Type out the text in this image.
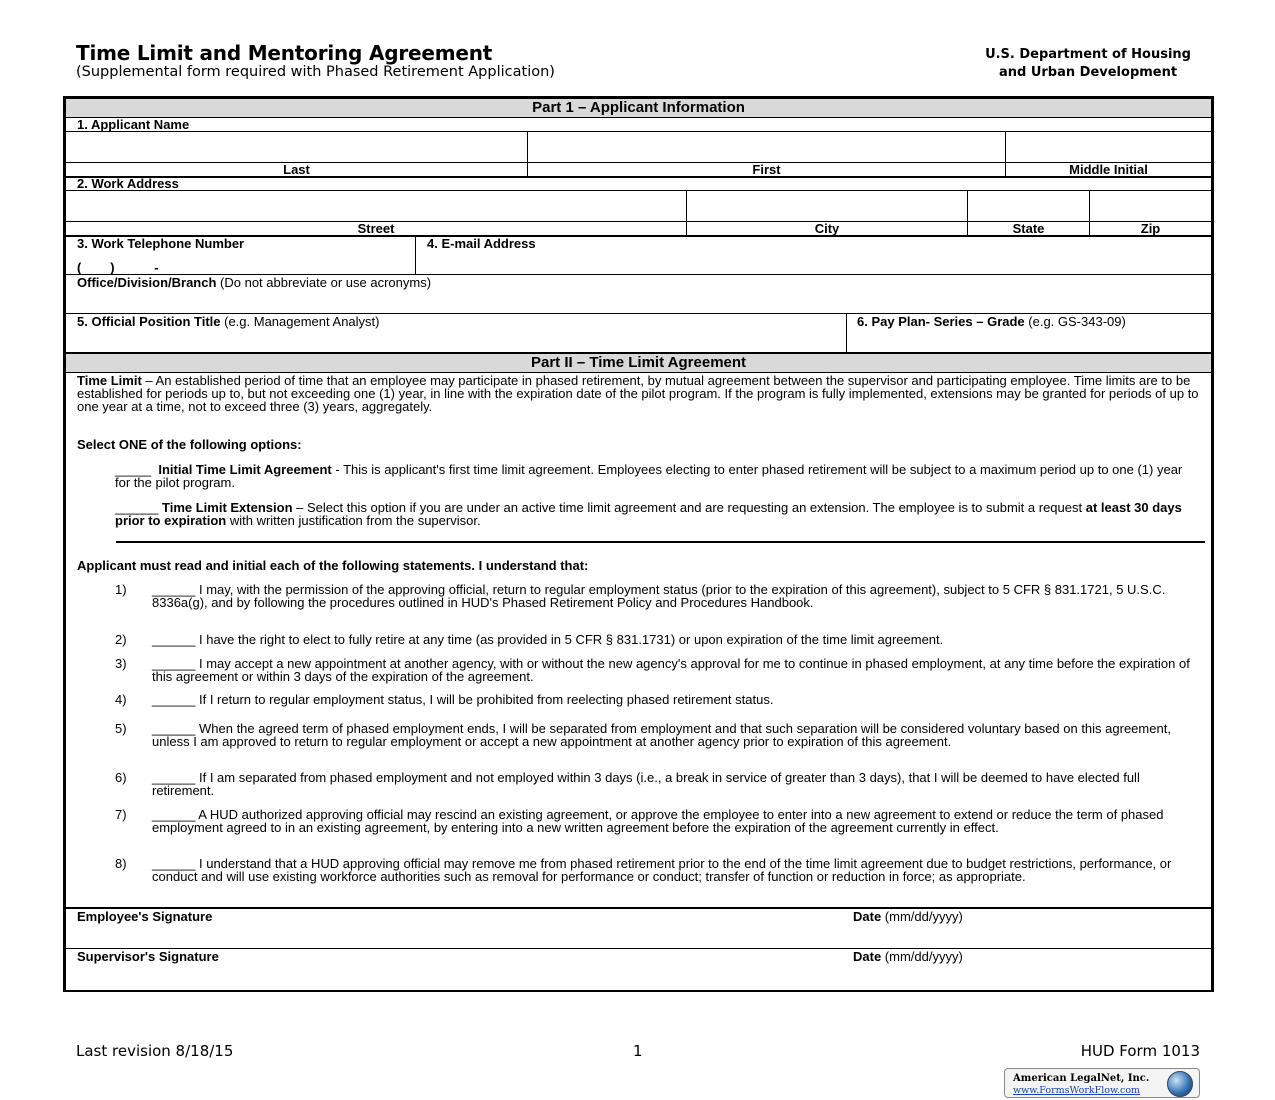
Time Limit and Mentoring Agreement
(Supplemental form required with Phased Retirement Application)
U.S. Department of Housing
and Urban Development
Part 1 – Applicant Information
1. Applicant Name
Last	First	Middle Initial
2. Work Address
Street	City	State	Zip
3. Work Telephone Number
(        )           -
4. E-mail Address
Office/Division/Branch (Do not abbreviate or use acronyms)
5. Official Position Title (e.g. Management Analyst)	6. Pay Plan- Series – Grade (e.g. GS-343-09)
Part II – Time Limit Agreement
Time Limit – An established period of time that an employee may participate in phased retirement, by mutual agreement between the supervisor and participating employee. Time limits are to be established for periods up to, but not exceeding one (1) year, in line with the expiration date of the pilot program. If the program is fully implemented, extensions may be granted for periods of up to one year at a time, not to exceed three (3) years, aggregately.
Select ONE of the following options:
_____  Initial Time Limit Agreement - This is applicant's first time limit agreement. Employees electing to enter phased retirement will be subject to a maximum period up to one (1) year for the pilot program.
______ Time Limit Extension – Select this option if you are under an active time limit agreement and are requesting an extension. The employee is to submit a request at least 30 days prior to expiration with written justification from the supervisor.
Applicant must read and initial each of the following statements. I understand that:
1) ______ I may, with the permission of the approving official, return to regular employment status (prior to the expiration of this agreement), subject to 5 CFR § 831.1721, 5 U.S.C. 8336a(g), and by following the procedures outlined in HUD's Phased Retirement Policy and Procedures Handbook.
2) ______ I have the right to elect to fully retire at any time (as provided in 5 CFR § 831.1731) or upon expiration of the time limit agreement.
3) ______ I may accept a new appointment at another agency, with or without the new agency's approval for me to continue in phased employment, at any time before the expiration of this agreement or within 3 days of the expiration of the agreement.
4) ______ If I return to regular employment status, I will be prohibited from reelecting phased retirement status.
5) ______ When the agreed term of phased employment ends, I will be separated from employment and that such separation will be considered voluntary based on this agreement, unless I am approved to return to regular employment or accept a new appointment at another agency prior to expiration of this agreement.
6) ______ If I am separated from phased employment and not employed within 3 days (i.e., a break in service of greater than 3 days), that I will be deemed to have elected full retirement.
7) ______ A HUD authorized approving official may rescind an existing agreement, or approve the employee to enter into a new agreement to extend or reduce the term of phased employment agreed to in an existing agreement, by entering into a new written agreement before the expiration of the agreement currently in effect.
8) ______ I understand that a HUD approving official may remove me from phased retirement prior to the end of the time limit agreement due to budget restrictions, performance, or conduct and will use existing workforce authorities such as removal for performance or conduct; transfer of function or reduction in force; as appropriate.
Employee's Signature	Date (mm/dd/yyyy)
Supervisor's Signature	Date (mm/dd/yyyy)
Last revision 8/18/15	1	HUD Form 1013
American LegalNet, Inc.
www.FormsWorkFlow.com
